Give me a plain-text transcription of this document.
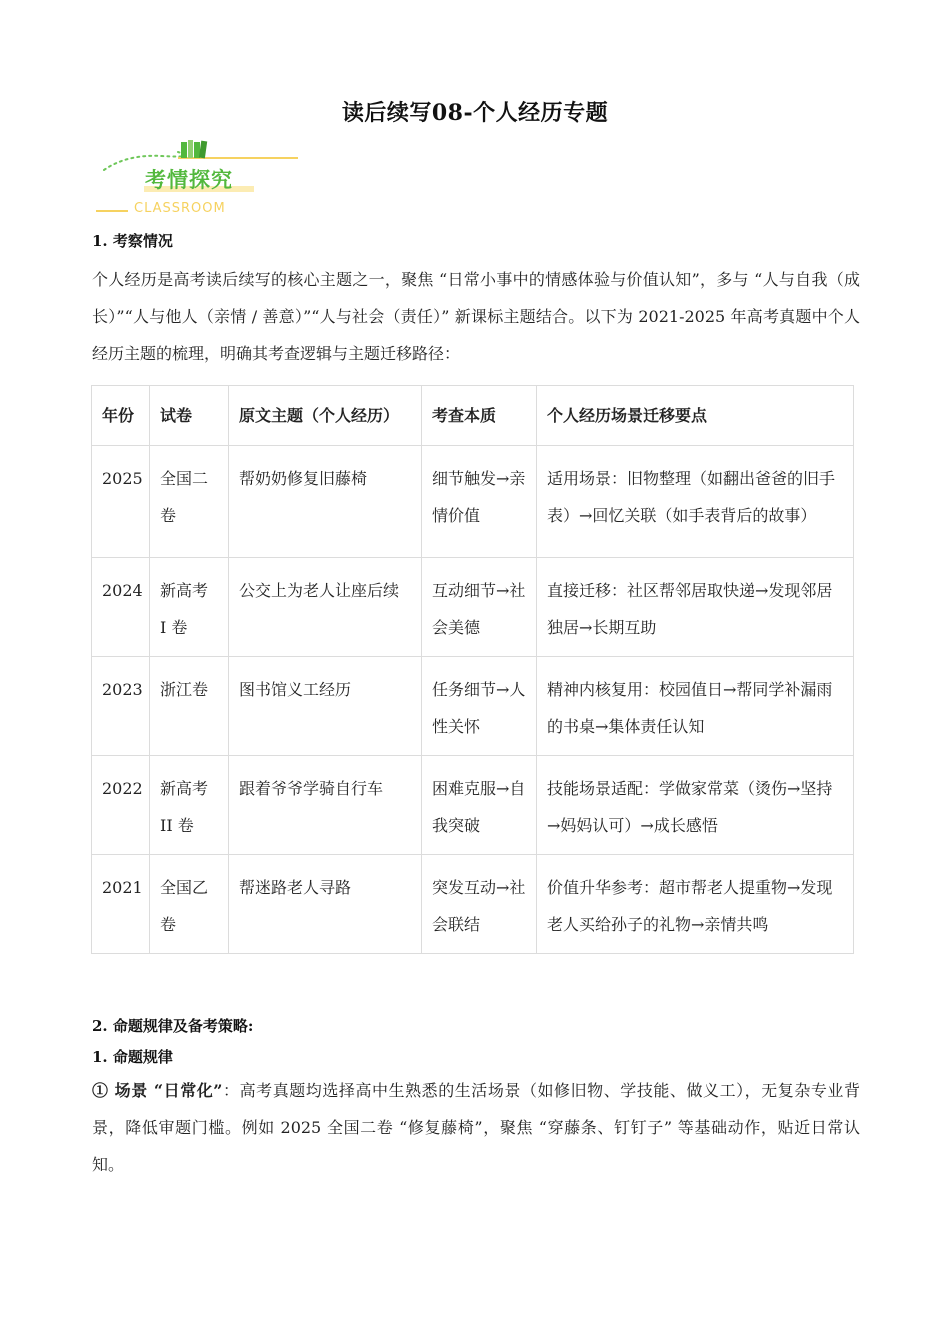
读后续写08-个人经历专题
考情探究
CLASSROOM
1. 考察情况
个人经历是高考读后续写的核心主题之一，聚焦 “日常小事中的情感体验与价值认知”，多与 “人与自我（成长）”“人与他人（亲情 / 善意）”“人与社会（责任）” 新课标主题结合。以下为 2021-2025 年高考真题中个人经历主题的梳理，明确其考查逻辑与主题迁移路径：
年份	试卷	原文主题（个人经历）	考查本质	个人经历场景迁移要点
2025	全国二卷	帮奶奶修复旧藤椅	细节触发→亲情价值	适用场景：旧物整理（如翻出爸爸的旧手表）→回忆关联（如手表背后的故事）
2024	新高考 I 卷	公交上为老人让座后续	互动细节→社会美德	直接迁移：社区帮邻居取快递→发现邻居独居→长期互助
2023	浙江卷	图书馆义工经历	任务细节→人性关怀	精神内核复用：校园值日→帮同学补漏雨的书桌→集体责任认知
2022	新高考 II 卷	跟着爷爷学骑自行车	困难克服→自我突破	技能场景适配：学做家常菜（烫伤→坚持→妈妈认可）→成长感悟
2021	全国乙卷	帮迷路老人寻路	突发互动→社会联结	价值升华参考：超市帮老人提重物→发现老人买给孙子的礼物→亲情共鸣
2. 命题规律及备考策略:
1. 命题规律
① 场景 “日常化”：高考真题均选择高中生熟悉的生活场景（如修旧物、学技能、做义工），无复杂专业背景，降低审题门槛。例如 2025 全国二卷 “修复藤椅”，聚焦 “穿藤条、钉钉子” 等基础动作，贴近日常认知。
